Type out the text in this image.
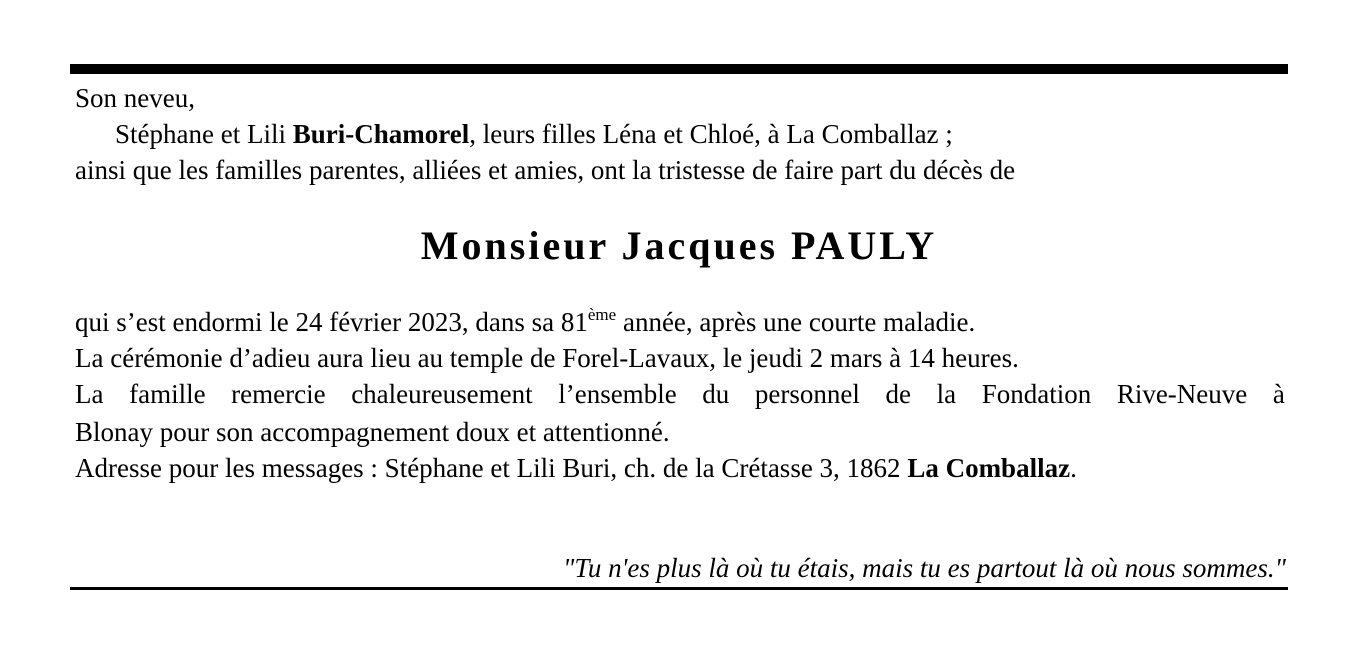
Son neveu,
Stéphane et Lili Buri-Chamorel, leurs filles Léna et Chloé, à La Comballaz ;
ainsi que les familles parentes, alliées et amies, ont la tristesse de faire part du décès de
Monsieur Jacques PAULY
qui s’est endormi le 24 février 2023, dans sa 81ème année, après une courte maladie.
La cérémonie d’adieu aura lieu au temple de Forel-Lavaux, le jeudi 2 mars à 14 heures.
La famille remercie chaleureusement l’ensemble du personnel de la Fondation Rive-Neuve à
Blonay pour son accompagnement doux et attentionné.
Adresse pour les messages : Stéphane et Lili Buri, ch. de la Crétasse 3, 1862 La Comballaz.
"Tu n'es plus là où tu étais, mais tu es partout là où nous sommes."
